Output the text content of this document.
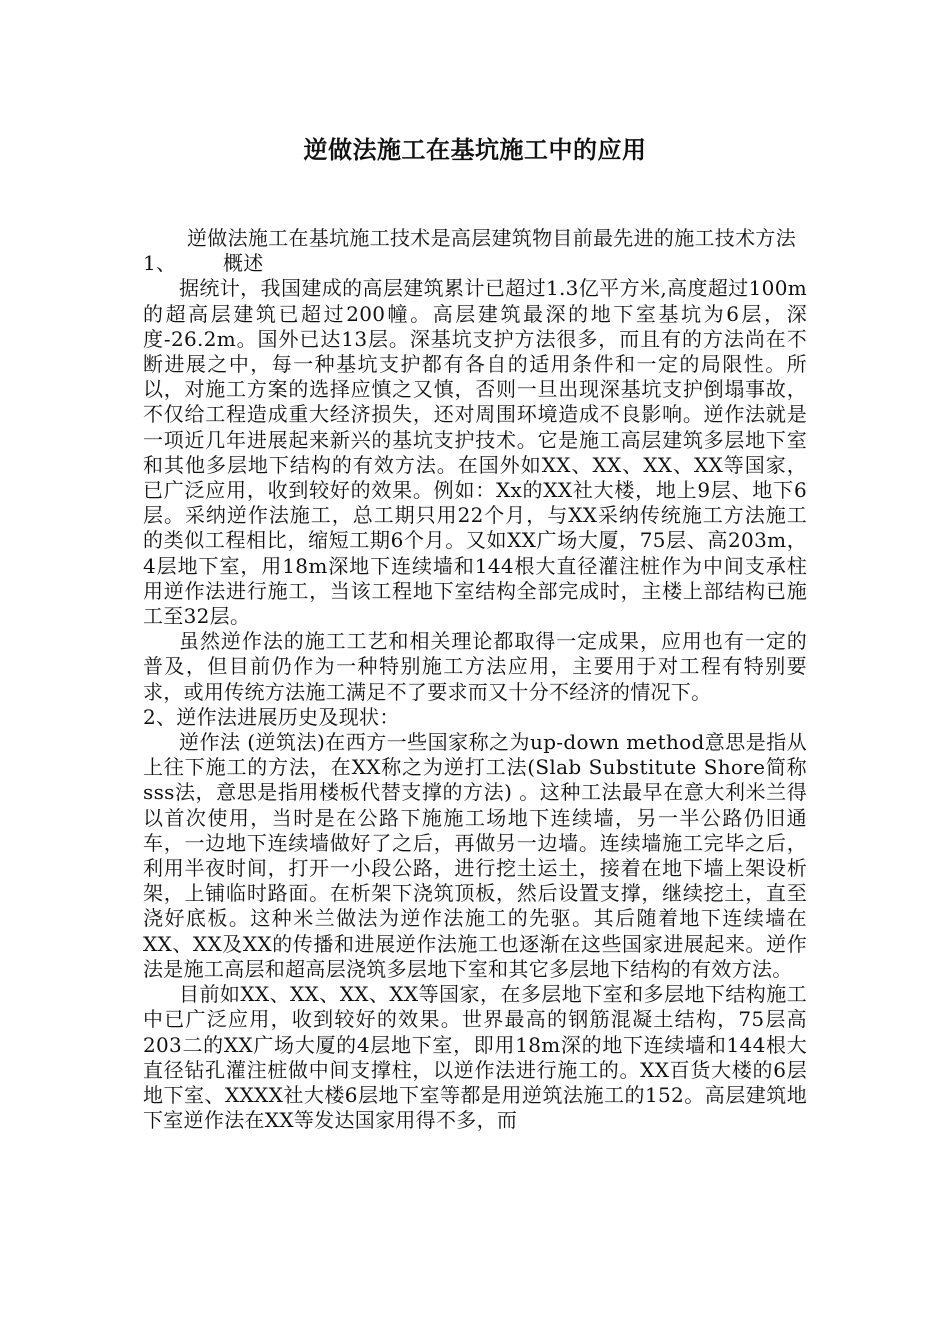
逆做法施工在基坑施工中的应用

逆做法施工在基坑施工技术是高层建筑物目前最先进的施工技术方法

1、 概述

据统计，我国建成的高层建筑累计已超过1.3亿平方米,高度超过100m的超高层建筑已超过200幢。高层建筑最深的地下室基坑为6层，深度-26.2m。国外已达13层。深基坑支护方法很多，而且有的方法尚在不断进展之中，每一种基坑支护都有各自的适用条件和一定的局限性。所以，对施工方案的选择应慎之又慎，否则一旦出现深基坑支护倒塌事故，不仅给工程造成重大经济损失，还对周围环境造成不良影响。逆作法就是一项近几年进展起来新兴的基坑支护技术。它是施工高层建筑多层地下室和其他多层地下结构的有效方法。在国外如XX、XX、XX、XX等国家，已广泛应用，收到较好的效果。例如：Xx的XX社大楼，地上9层、地下6层。采纳逆作法施工，总工期只用22个月，与XX采纳传统施工方法施工的类似工程相比，缩短工期6个月。又如XX广场大厦，75层、高203m，4层地下室，用18m深地下连续墙和144根大直径灌注桩作为中间支承柱用逆作法进行施工，当该工程地下室结构全部完成时，主楼上部结构已施工至32层。

虽然逆作法的施工工艺和相关理论都取得一定成果，应用也有一定的普及，但目前仍作为一种特别施工方法应用，主要用于对工程有特别要求，或用传统方法施工满足不了要求而又十分不经济的情况下。

2、逆作法进展历史及现状：

逆作法 (逆筑法)在西方一些国家称之为up-down method意思是指从上往下施工的方法，在XX称之为逆打工法(Slab Substitute Shore简称sss法，意思是指用楼板代替支撑的方法) 。这种工法最早在意大利米兰得以首次使用，当时是在公路下施施工场地下连续墙，另一半公路仍旧通车，一边地下连续墙做好了之后，再做另一边墙。连续墙施工完毕之后，利用半夜时间，打开一小段公路，进行挖土运土，接着在地下墙上架设析架，上铺临时路面。在析架下浇筑顶板，然后设置支撑，继续挖土，直至浇好底板。这种米兰做法为逆作法施工的先驱。其后随着地下连续墙在XX、XX及XX的传播和进展逆作法施工也逐渐在这些国家进展起来。逆作法是施工高层和超高层浇筑多层地下室和其它多层地下结构的有效方法。

目前如XX、XX、XX、XX等国家，在多层地下室和多层地下结构施工中已广泛应用，收到较好的效果。世界最高的钢筋混凝土结构，75层高203二的XX广场大厦的4层地下室，即用18m深的地下连续墙和144根大直径钻孔灌注桩做中间支撑柱，以逆作法进行施工的。XX百货大楼的6层地下室、XXXX社大楼6层地下室等都是用逆筑法施工的152。高层建筑地下室逆作法在XX等发达国家用得不多，而
